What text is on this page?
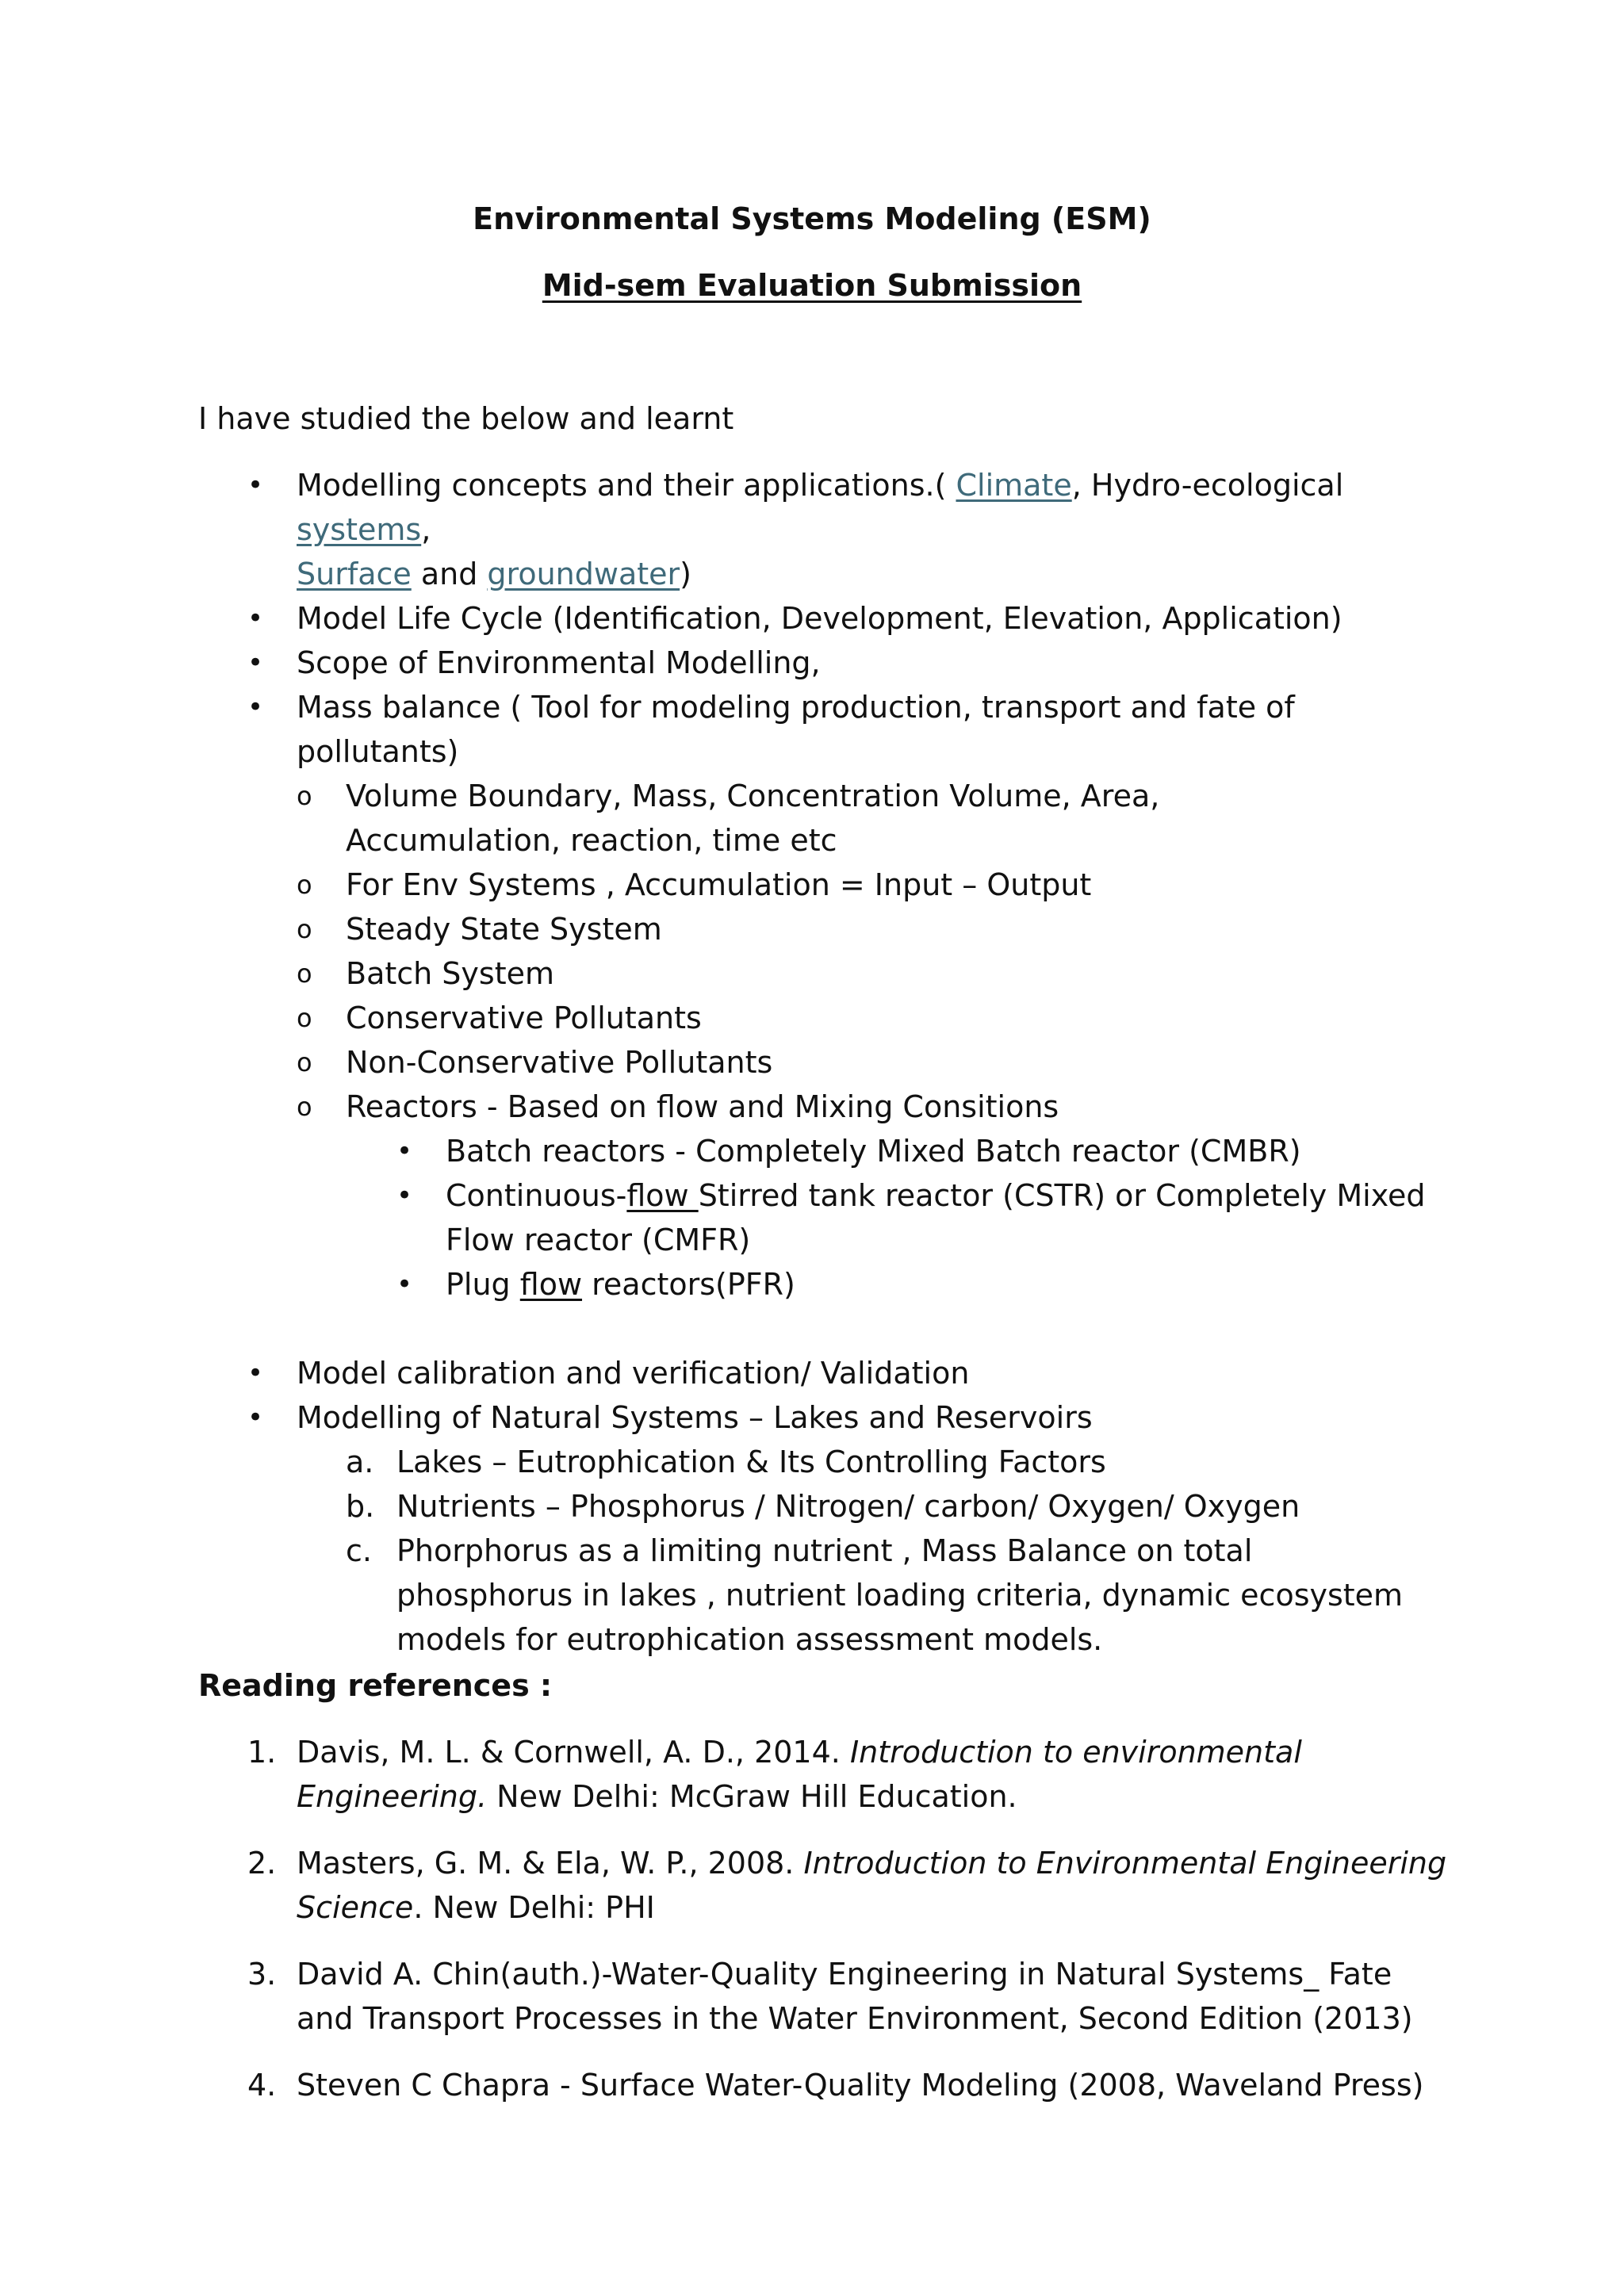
Environmental Systems Modeling (ESM)
Mid-sem Evaluation Submission

I have studied the below and learnt

• Modelling concepts and their applications.( Climate, Hydro-ecological systems,
Surface and groundwater)
• Model Life Cycle (Identification, Development, Elevation, Application)
• Scope of Environmental Modelling,
• Mass balance ( Tool for modeling production, transport and fate of pollutants)
o Volume Boundary, Mass, Concentration Volume, Area, Accumulation, reaction, time etc
o For Env Systems , Accumulation = Input – Output
o Steady State System
o Batch System
o Conservative Pollutants
o Non-Conservative Pollutants
o Reactors - Based on flow and Mixing Consitions
• Batch reactors - Completely Mixed Batch reactor (CMBR)
• Continuous-flow Stirred tank reactor (CSTR) or Completely Mixed Flow reactor (CMFR)
• Plug flow reactors(PFR)
• Model calibration and verification/ Validation
• Modelling of Natural Systems – Lakes and Reservoirs
a. Lakes – Eutrophication & Its Controlling Factors
b. Nutrients – Phosphorus / Nitrogen/ carbon/ Oxygen/ Oxygen
c. Phorphorus as a limiting nutrient , Mass Balance on total phosphorus in lakes , nutrient loading criteria, dynamic ecosystem models for eutrophication assessment models.

Reading references :

1. Davis, M. L. & Cornwell, A. D., 2014. Introduction to environmental Engineering. New Delhi: McGraw Hill Education.
2. Masters, G. M. & Ela, W. P., 2008. Introduction to Environmental Engineering Science. New Delhi: PHI
3. David A. Chin(auth.)-Water-Quality Engineering in Natural Systems_ Fate and Transport Processes in the Water Environment, Second Edition (2013)
4. Steven C Chapra - Surface Water-Quality Modeling (2008, Waveland Press)
